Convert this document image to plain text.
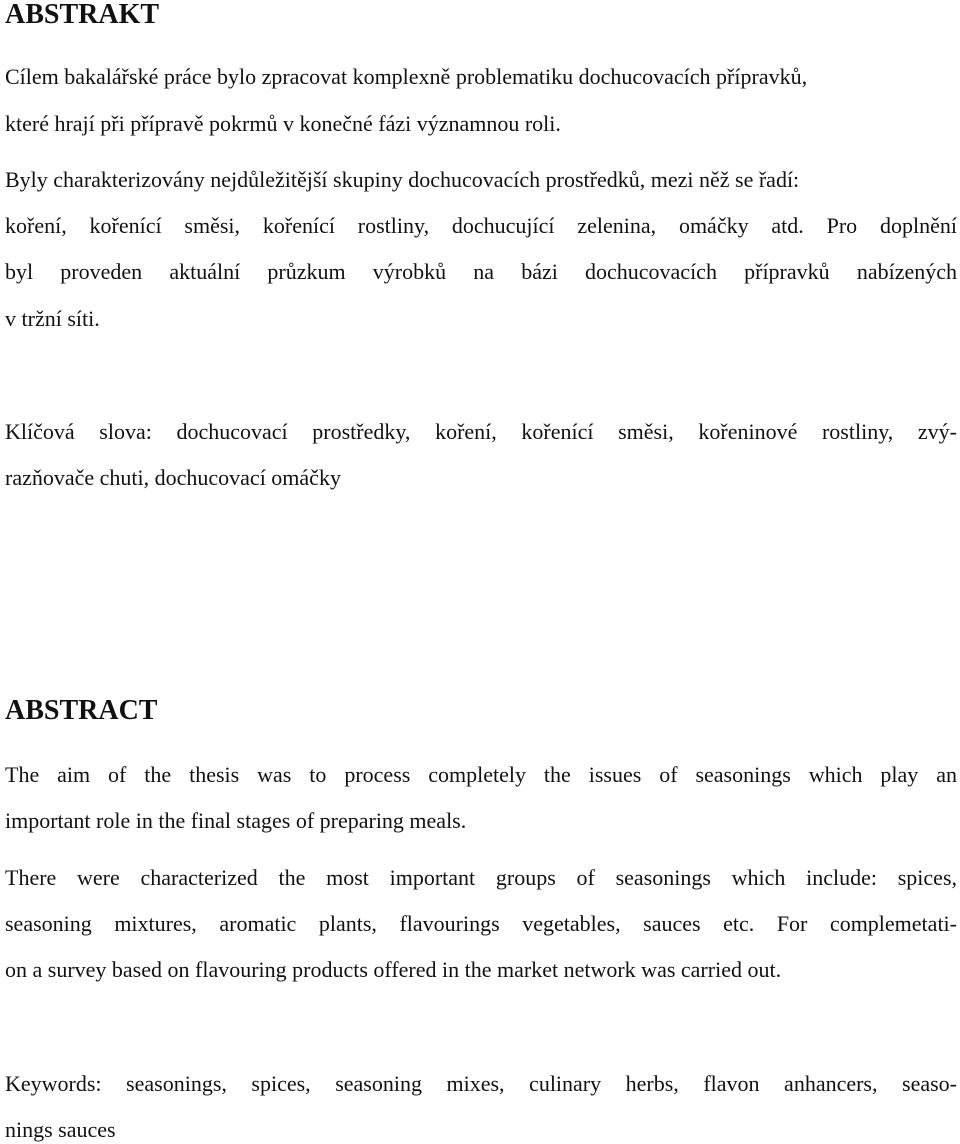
ABSTRAKT

Cílem bakalářské práce bylo zpracovat komplexně problematiku dochucovacích přípravků,

které hrají při přípravě pokrmů v konečné fázi významnou roli.

Byly charakterizovány nejdůležitější skupiny dochucovacích prostředků, mezi něž se řadí:

koření, kořenící směsi, kořenící rostliny, dochucující zelenina, omáčky atd. Pro doplnění

byl proveden aktuální průzkum výrobků na bázi dochucovacích přípravků nabízených

v tržní síti.

Klíčová slova: dochucovací prostředky, koření, kořenící směsi, kořeninové rostliny, zvý-

razňovače chuti, dochucovací omáčky

ABSTRACT

The aim of the thesis was to process completely the issues of seasonings which play an

important role in the final stages of preparing meals.

There were characterized the most important groups of seasonings which include: spices,

seasoning mixtures, aromatic plants, flavourings vegetables, sauces etc. For complemetati-

on a survey based on flavouring products offered in the market network was carried out.

Keywords: seasonings, spices, seasoning mixes, culinary herbs, flavon anhancers, seaso-

nings sauces
